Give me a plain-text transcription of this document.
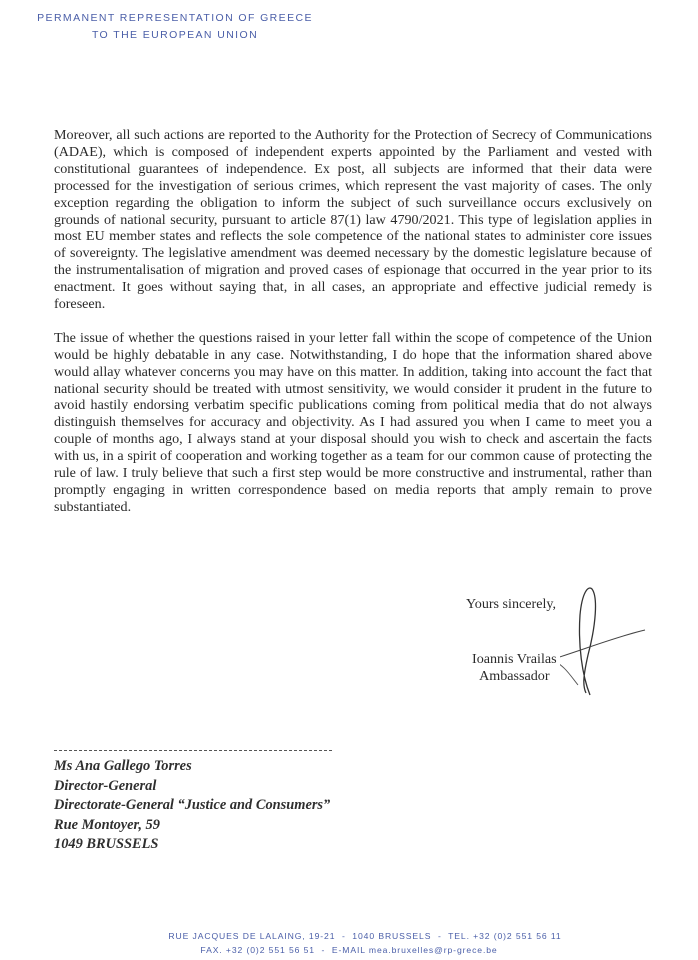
PERMANENT REPRESENTATION OF GREECE
TO THE EUROPEAN UNION

Moreover, all such actions are reported to the Authority for the Protection of Secrecy of Communications (ADAE), which is composed of independent experts appointed by the Parliament and vested with constitutional guarantees of independence. Ex post, all subjects are informed that their data were processed for the investigation of serious crimes, which represent the vast majority of cases. The only exception regarding the obligation to inform the subject of such surveillance occurs exclusively on grounds of national security, pursuant to article 87(1) law 4790/2021. This type of legislation applies in most EU member states and reflects the sole competence of the national states to administer core issues of sovereignty. The legislative amendment was deemed necessary by the domestic legislature because of the instrumentalisation of migration and proved cases of espionage that occurred in the year prior to its enactment. It goes without saying that, in all cases, an appropriate and effective judicial remedy is foreseen.

The issue of whether the questions raised in your letter fall within the scope of competence of the Union would be highly debatable in any case. Notwithstanding, I do hope that the information shared above would allay whatever concerns you may have on this matter. In addition, taking into account the fact that national security should be treated with utmost sensitivity, we would consider it prudent in the future to avoid hastily endorsing verbatim specific publications coming from political media that do not always distinguish themselves for accuracy and objectivity. As I had assured you when I came to meet you a couple of months ago, I always stand at your disposal should you wish to check and ascertain the facts with us, in a spirit of cooperation and working together as a team for our common cause of protecting the rule of law. I truly believe that such a first step would be more constructive and instrumental, rather than promptly engaging in written correspondence based on media reports that amply remain to prove substantiated.

Yours sincerely,
Ioannis Vrailas
Ambassador
Ms Ana Gallego Torres
Director-General
Directorate-General “Justice and Consumers”
Rue Montoyer, 59
1049 BRUSSELS
RUE JACQUES DE LALAING, 19-21  -  1040 BRUSSELS  -  TEL. +32 (0)2 551 56 11
FAX. +32 (0)2 551 56 51  -  E-MAIL mea.bruxelles@rp-grece.be
